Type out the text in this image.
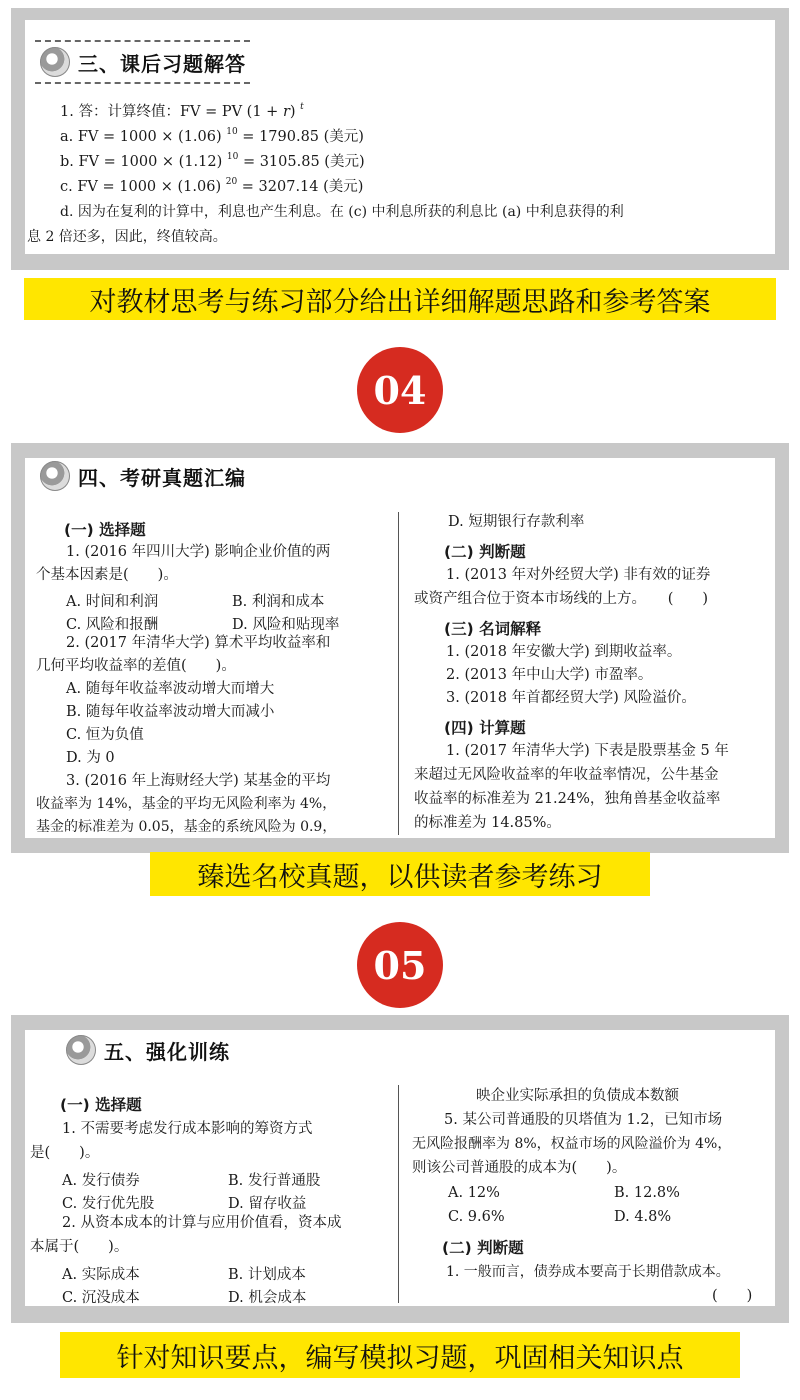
三、课后习题解答
1. 答：计算终值：FV = PV (1 + r) $^t$
a. FV = 1000 × (1.06) $^{10}$ = 1790.85 (美元)
b. FV = 1000 × (1.12) $^{10}$ = 3105.85 (美元)
c. FV = 1000 × (1.06) $^{20}$ = 3207.14 (美元)
d. 因为在复利的计算中，利息也产生利息。在 (c) 中利息所获的利息比 (a) 中利息获得的利
息 2 倍还多，因此，终值较高。
对教材思考与练习部分给出详细解题思路和参考答案
04
四、考研真题汇编
(一) 选择题
1. (2016 年四川大学) 影响企业价值的两
个基本因素是(　　)。
A. 时间和利润	B. 利润和成本
C. 风险和报酬	D. 风险和贴现率
2. (2017 年清华大学) 算术平均收益率和
几何平均收益率的差值(　　)。
A. 随每年收益率波动增大而增大
B. 随每年收益率波动增大而减小
C. 恒为负值
D. 为 0
3. (2016 年上海财经大学) 某基金的平均
收益率为 14%，基金的平均无风险利率为 4%，
基金的标准差为 0.05，基金的系统风险为 0.9，
D. 短期银行存款利率
(二) 判断题
1. (2013 年对外经贸大学) 非有效的证券
或资产组合位于资本市场线的上方。　　(　　)
(三) 名词解释
1. (2018 年安徽大学) 到期收益率。
2. (2013 年中山大学) 市盈率。
3. (2018 年首都经贸大学) 风险溢价。
(四) 计算题
1. (2017 年清华大学) 下表是股票基金 5 年
来超过无风险收益率的年收益率情况，公牛基金
收益率的标准差为 21.24%，独角兽基金收益率
的标准差为 14.85%。
臻选名校真题，以供读者参考练习
05
五、强化训练
(一) 选择题
1. 不需要考虑发行成本影响的筹资方式
是(　　)。
A. 发行债券	B. 发行普通股
C. 发行优先股	D. 留存收益
2. 从资本成本的计算与应用价值看，资本成
本属于(　　)。
A. 实际成本	B. 计划成本
C. 沉没成本	D. 机会成本
映企业实际承担的负债成本数额
5. 某公司普通股的贝塔值为 1.2，已知市场
无风险报酬率为 8%，权益市场的风险溢价为 4%，
则该公司普通股的成本为(　　)。
A. 12%	B. 12.8%
C. 9.6%	D. 4.8%
(二) 判断题
1. 一般而言，债券成本要高于长期借款成本。
(　　)
针对知识要点，编写模拟习题，巩固相关知识点
